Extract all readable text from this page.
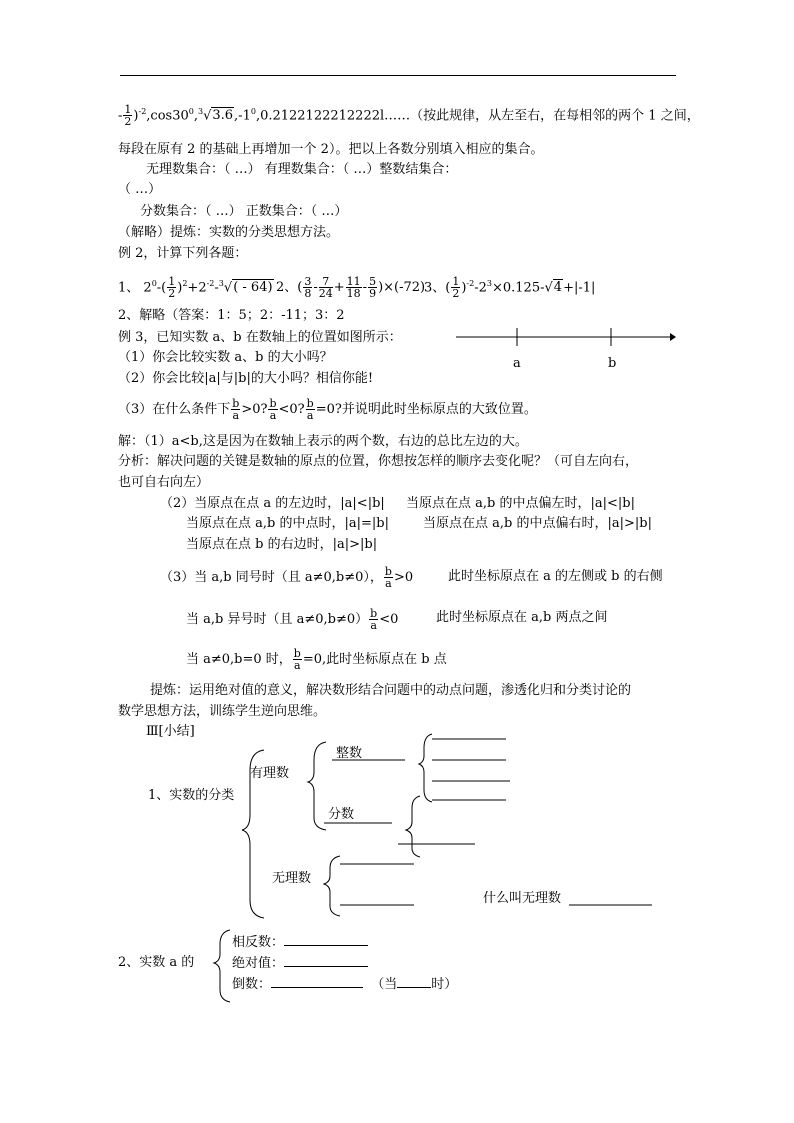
- $\frac{1}{2}$ )$^{-2},\cos 30^0,^3√3.6,-1^0,0.2122122212222l\dots\dots$（按此规律，从左至右，在每相邻的两个 1 之间，
每段在原有 2 的基础上再增加一个 2）。把以上各数分别填入相应的集合。
无理数集合：（ …） 有理数集合：（ …）整数结集合：
（ …）
分数集合：（ …） 正数集合：（ …）
（解略）提炼：实数的分类思想方法。
例 2，计算下列各题：
1、 $2^0-( \frac{1}{2} )^2+2^{-2}-^3√( - 64)$ 2、( $\frac{3}{8} - \frac{7}{24} + \frac{11}{18} - \frac{5}{9} )\times(-72)$
3、( $\frac{1}{2} )^{-2}-2^3\times 0.125-√4+|-1|$
2、解略（答案：1：5；2：-11；3：2
例 3，已知实数 a、b 在数轴上的位置如图所示：
（1）你会比较实数 a、b 的大小吗？
（2）你会比较|a|与|b|的大小吗？相信你能!
（3）在什么条件下 $\frac{b}{a} >0$? $\frac{b}{a} <0$? $\frac{b}{a} =0$?并说明此时坐标原点的大致位置。
a	b
解：（1）a<b,这是因为在数轴上表示的两个数，右边的总比左边的大。
分析：解决问题的关键是数轴的原点的位置，你想按怎样的顺序去变化呢？（可自左向右，
也可自右向左）
（2）当原点在点 a 的左边时，|a|<|b| 当原点在点 a,b 的中点偏左时，|a|<|b|
当原点在点 a,b 的中点时，|a|=|b|	当原点在点 a,b 的中点偏右时，|a|>|b|
当原点在点 b 的右边时，|a|>|b|
（3）当 a,b 同号时（且 a≠0,b≠0）， $\frac{b}{a} >0$	此时坐标原点在 a 的左侧或 b 的右侧
当 a,b 异号时（且 $a\ne 0,b\ne 0) \frac{b}{a} <0$	此时坐标原点在 a,b 两点之间
当 a≠0,b=0 时， $\frac{b}{a} =0$,此时坐标原点在 b 点
提炼：运用绝对值的意义，解决数形结合问题中的动点问题，渗透化归和分类讨论的
数学思想方法，训练学生逆向思维。
Ⅲ[小结]
1、实数的分类
有理数
整数
分数
无理数
什么叫无理数
2、实数 a 的
相反数：
绝对值：
倒数：	（当	时）
